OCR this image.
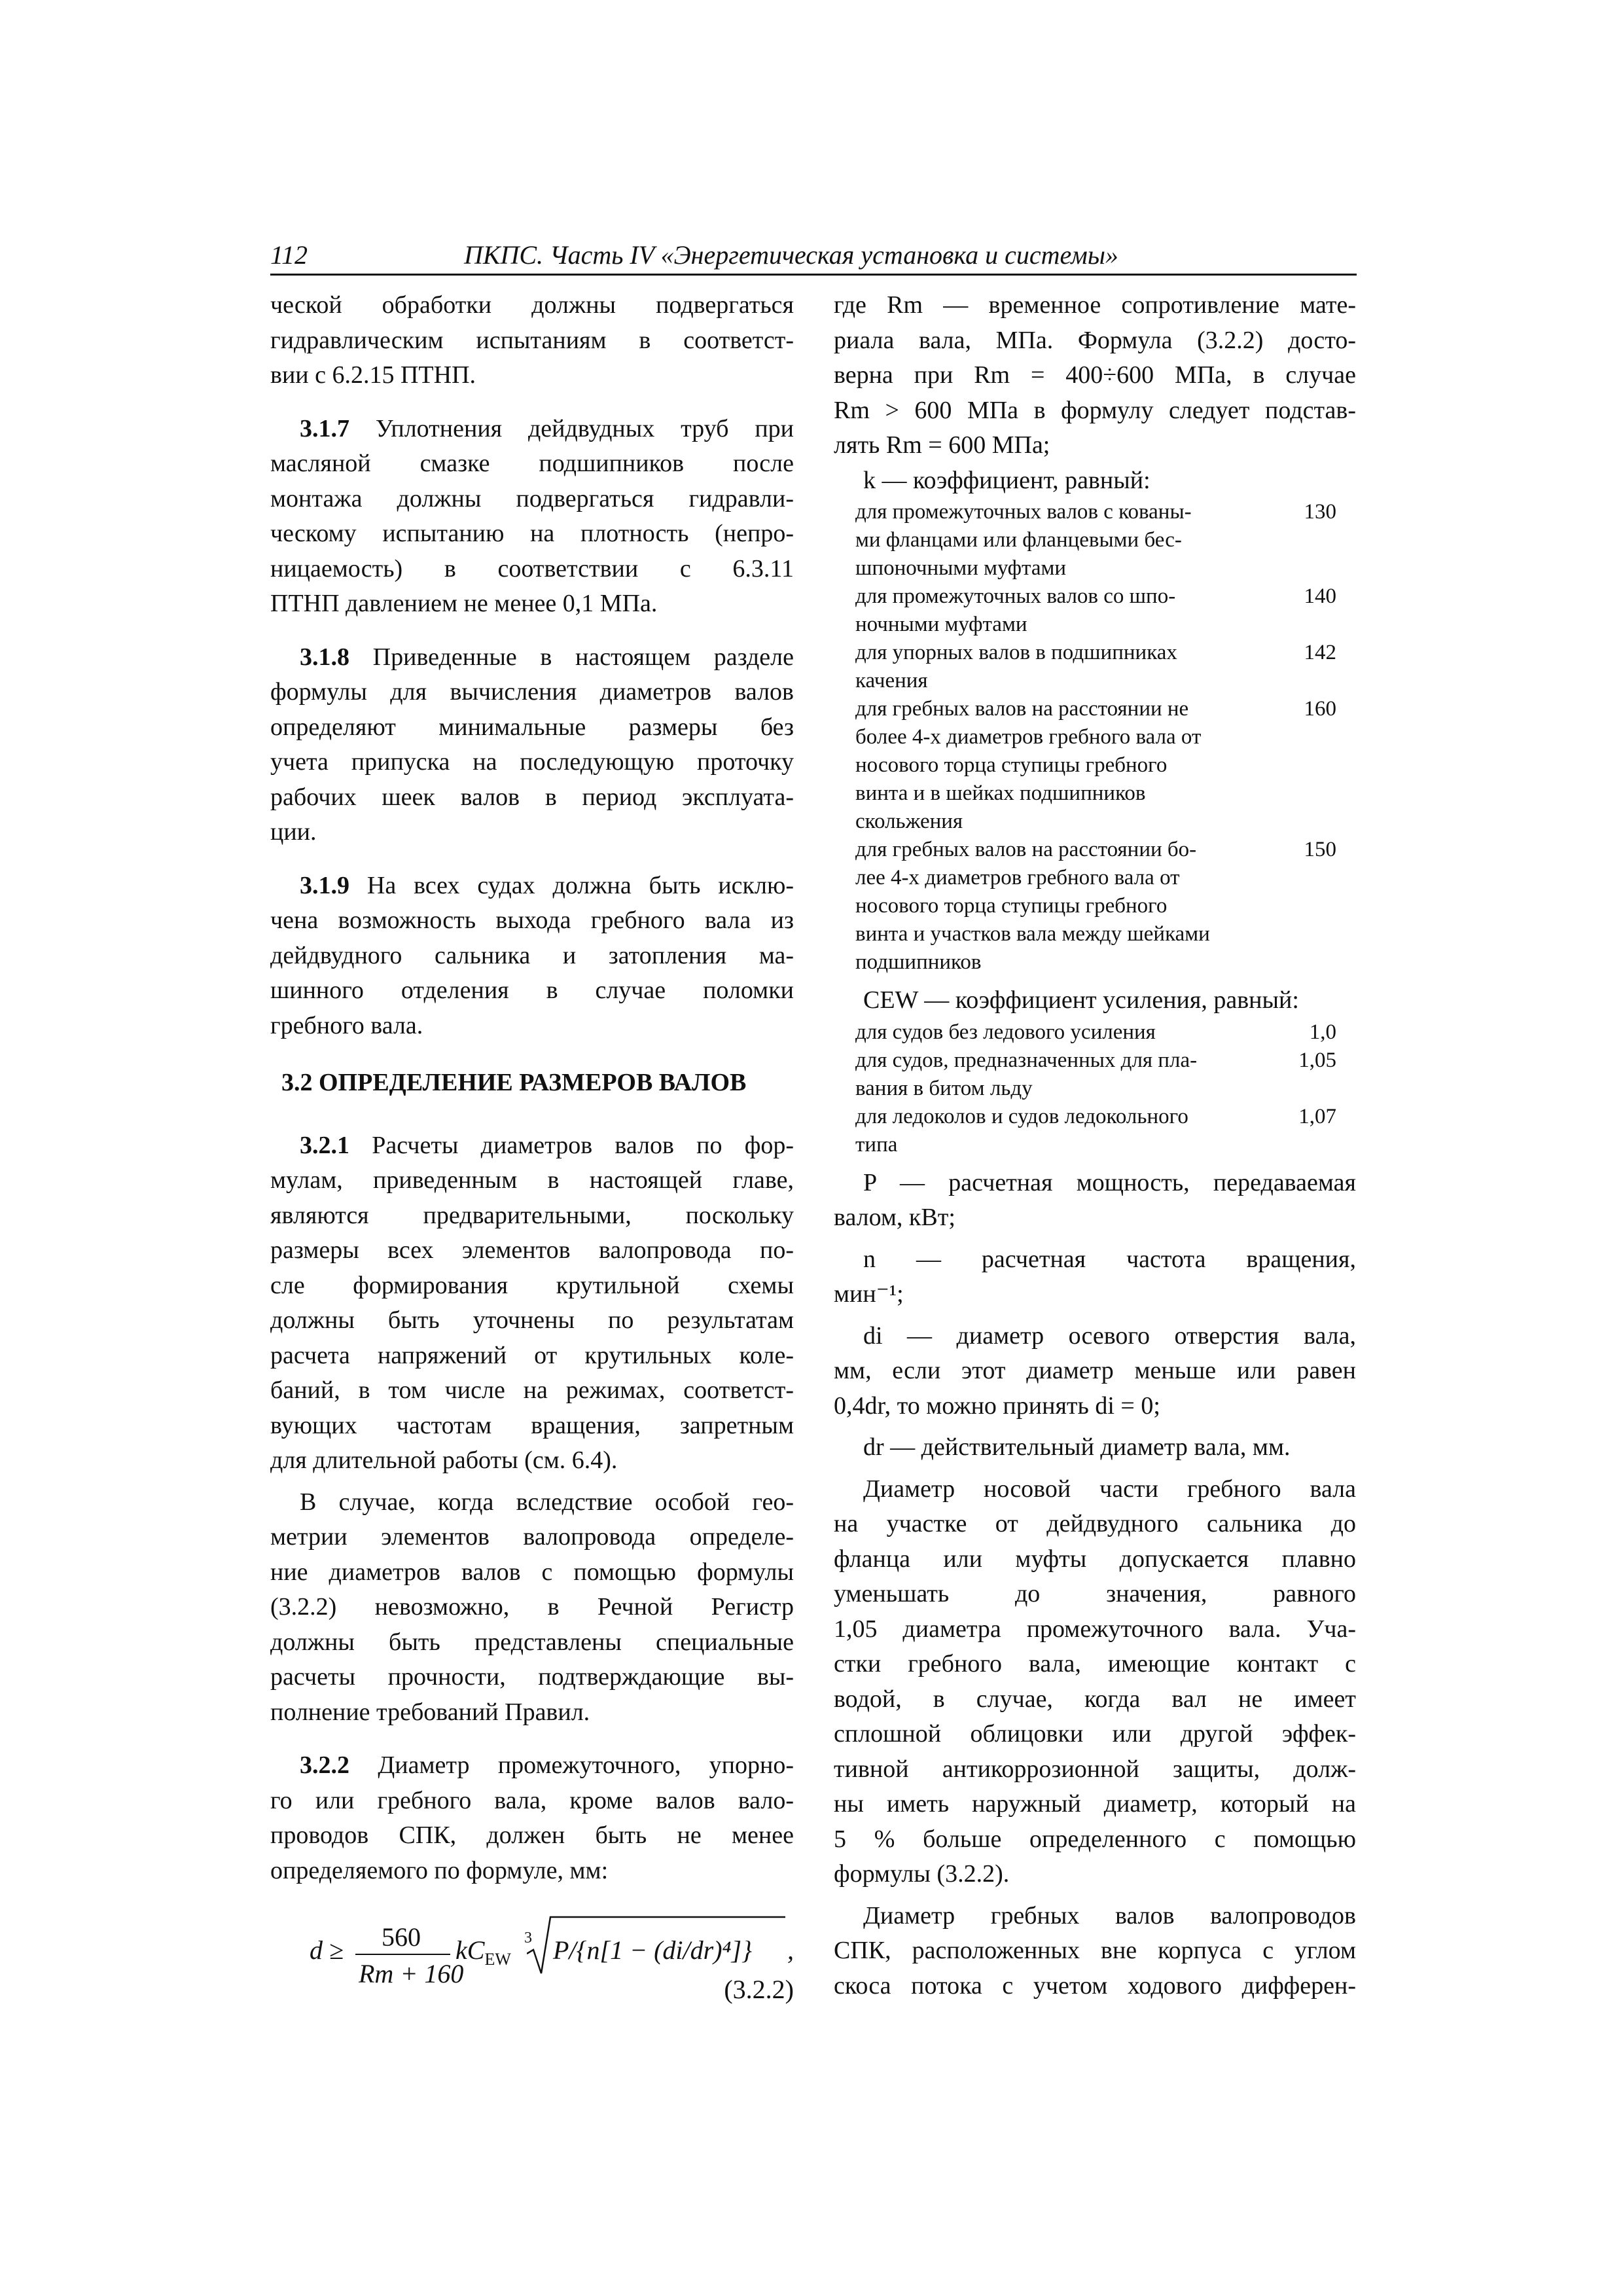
112	ПКПС. Часть IV «Энергетическая установка и системы»
ческой обработки должны подвергаться
гидравлическим испытаниям в соответст-
вии с 6.2.15 ПТНП.
3.1.7 Уплотнения дейдвудных труб при
масляной смазке подшипников после
монтажа должны подвергаться гидравли-
ческому испытанию на плотность (непро-
ницаемость) в соответствии с 6.3.11
ПТНП давлением не менее 0,1 МПа.
3.1.8 Приведенные в настоящем разделе
формулы для вычисления диаметров валов
определяют минимальные размеры без
учета припуска на последующую проточку
рабочих шеек валов в период эксплуата-
ции.
3.1.9 На всех судах должна быть исклю-
чена возможность выхода гребного вала из
дейдвудного сальника и затопления ма-
шинного отделения в случае поломки
гребного вала.
3.2 ОПРЕДЕЛЕНИЕ РАЗМЕРОВ ВАЛОВ
3.2.1 Расчеты диаметров валов по фор-
мулам, приведенным в настоящей главе,
являются предварительными, поскольку
размеры всех элементов валопровода по-
сле формирования крутильной схемы
должны быть уточнены по результатам
расчета напряжений от крутильных коле-
баний, в том числе на режимах, соответст-
вующих частотам вращения, запретным
для длительной работы (см. 6.4).
В случае, когда вследствие особой гео-
метрии элементов валопровода определе-
ние диаметров валов с помощью формулы
(3.2.2) невозможно, в Речной Регистр
должны быть представлены специальные
расчеты прочности, подтверждающие вы-
полнение требований Правил.
3.2.2 Диаметр промежуточного, упорно-
го или гребного вала, кроме валов вало-
проводов СПК, должен быть не менее
определяемого по формуле, мм:
d ≥ 560
Rm + 160
$kC_{EW}$
3 P/{n[1 − (di/dr)⁴]} ,
(3.2.2)
где Rm — временное сопротивление мате-
риала вала, МПа. Формула (3.2.2) досто-
верна при Rm = 400÷600 МПа, в случае
Rm > 600 МПа в формулу следует подстав-
лять Rm = 600 МПа;
k — коэффициент, равный:
для промежуточных валов с кованы-
ми фланцами или фланцевыми бес-
шпоночными муфтами
130
для промежуточных валов со шпо-
ночными муфтами
140
для упорных валов в подшипниках
качения
142
для гребных валов на расстоянии не
более 4-х диаметров гребного вала от
носового торца ступицы гребного
винта и в шейках подшипников
скольжения
160
для гребных валов на расстоянии бо-
лее 4-х диаметров гребного вала от
носового торца ступицы гребного
винта и участков вала между шейками
подшипников
150
CEW — коэффициент усиления, равный:
для судов без ледового усиления	1,0
для судов, предназначенных для пла-
вания в битом льду
1,05
для ледоколов и судов ледокольного
типа
1,07
P — расчетная мощность, передаваемая
валом, кВт;
n — расчетная частота вращения,
мин⁻¹;
di — диаметр осевого отверстия вала,
мм, если этот диаметр меньше или равен
0,4dr, то можно принять di = 0;
dr — действительный диаметр вала, мм.
Диаметр носовой части гребного вала
на участке от дейдвудного сальника до
фланца или муфты допускается плавно
уменьшать до значения, равного
1,05 диаметра промежуточного вала. Уча-
стки гребного вала, имеющие контакт с
водой, в случае, когда вал не имеет
сплошной облицовки или другой эффек-
тивной антикоррозионной защиты, долж-
ны иметь наружный диаметр, который на
5 % больше определенного с помощью
формулы (3.2.2).
Диаметр гребных валов валопроводов
СПК, расположенных вне корпуса с углом
скоса потока с учетом ходового дифферен-
